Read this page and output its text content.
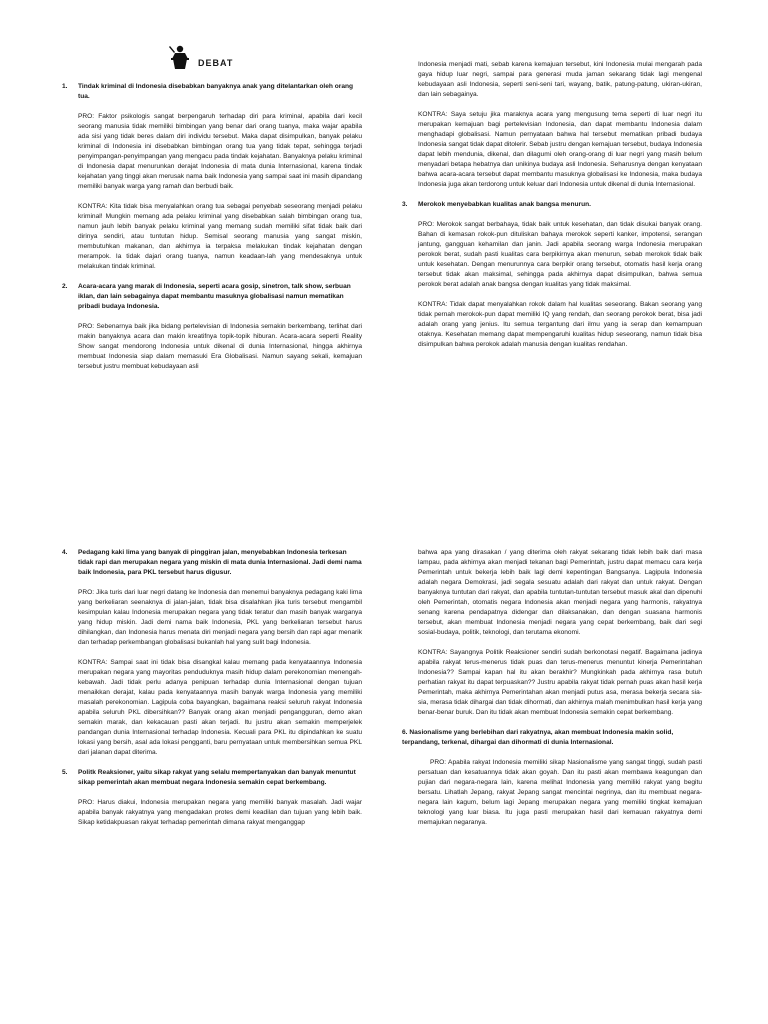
DEBAT
1. Tindak kriminal di Indonesia disebabkan banyaknya anak yang ditelantarkan oleh orang tua.

PRO: Faktor psikologis sangat berpengaruh terhadap diri para kriminal, apabila dari kecil seorang manusia tidak memiliki bimbingan yang benar dari orang tuanya, maka wajar apabila ada sisi yang tidak beres dalam diri individu tersebut. Maka dapat disimpulkan, banyak pelaku kriminal di Indonesia ini disebabkan bimbingan orang tua yang tidak tepat, sehingga terjadi penyimpangan-penyimpangan yang mengacu pada tindak kejahatan. Banyaknya pelaku kriminal di Indonesia dapat menurunkan derajat Indonesia di mata dunia Internasional, karena tindak kejahatan yang tinggi akan merusak nama baik Indonesia yang sampai saat ini masih dipandang memiliki banyak warga yang ramah dan berbudi baik.

KONTRA: Kita tidak bisa menyalahkan orang tua sebagai penyebab seseorang menjadi pelaku kriminal! Mungkin memang ada pelaku kriminal yang disebabkan salah bimbingan orang tua, namun jauh lebih banyak pelaku kriminal yang memang sudah memiliki sifat tidak baik dari dirinya sendiri, atau tuntutan hidup. Semisal seorang manusia yang sangat miskin, membutuhkan makanan, dan akhirnya ia terpaksa melakukan tindak kejahatan dengan merampok. Ia tidak dajari orang tuanya, namun keadaan-lah yang mendesaknya untuk melakukan tindak kriminal.

2. Acara-acara yang marak di Indonesia, seperti acara gosip, sinetron, talk show, serbuan iklan, dan lain sebagainya dapat membantu masuknya globalisasi namun mematikan pribadi budaya Indonesia.

PRO: Sebenarnya baik jika bidang pertelevisian di Indonesia semakin berkembang, terlihat dari makin banyaknya acara dan makin kreatifnya topik-topik hiburan. Acara-acara seperti Reality Show sangat mendorong Indonesia untuk dikenal di dunia Internasional, hingga akhirnya membuat Indonesia siap dalam memasuki Era Globalisasi. Namun sayang sekali, kemajuan tersebut justru membuat kebudayaan asli

Indonesia menjadi mati, sebab karena kemajuan tersebut, kini Indonesia mulai mengarah pada gaya hidup luar negri, sampai para generasi muda jaman sekarang tidak lagi mengenal kebudayaan asli Indonesia, seperti seni-seni tari, wayang, batik, patung-patung, ukiran-ukiran, dan lain sebagainya.

KONTRA: Saya setuju jika maraknya acara yang mengusung tema seperti di luar negri itu merupakan kemajuan bagi pertelevisian Indonesia, dan dapat membantu Indonesia dalam menghadapi globalisasi. Namun pernyataan bahwa hal tersebut mematikan pribadi budaya Indonesia sangat tidak dapat ditolerir. Sebab justru dengan kemajuan tersebut, budaya Indonesia dapat lebih mendunia, dikenal, dan dilagumi oleh orang-orang di luar negri yang masih belum menyadari betapa hebatnya dan unikinya budaya asli Indonesia. Seharusnya dengan kenyataan bahwa acara-acara tersebut dapat membantu masuknya globalisasi ke Indonesia, maka budaya Indonesia juga akan terdorong untuk keluar dari Indonesia untuk dikenal di dunia Internasional.

3. Merokok menyebabkan kualitas anak bangsa menurun.

PRO: Merokok sangat berbahaya, tidak baik untuk kesehatan, dan tidak disukai banyak orang. Bahan di kemasan rokok-pun dituliskan bahaya merokok seperti kanker, impotensi, serangan jantung, gangguan kehamilan dan janin. Jadi apabila seorang warga Indonesia merupakan perokok berat, sudah pasti kualitas cara berpikirnya akan menurun, sebab merokok tidak baik untuk kesehatan. Dengan menurunnya cara berpikir orang tersebut, otomatis hasil kerja orang tersebut tidak akan maksimal, sehingga pada akhirnya dapat disimpulkan, bahwa semua perokok berat adalah anak bangsa dengan kualitas yang tidak maksimal.

KONTRA: Tidak dapat menyalahkan rokok dalam hal kualitas seseorang. Bakan seorang yang tidak pernah merokok-pun dapat memiliki IQ yang rendah, dan seorang perokok berat, bisa jadi adalah orang yang jenius. Itu semua tergantung dari ilmu yang ia serap dan kemampuan otaknya. Kesehatan memang dapat mempengaruhi kualitas hidup seseorang, namun tidak bisa disimpulkan bahwa perokok adalah manusia dengan kualitas rendahan.

4. Pedagang kaki lima yang banyak di pinggiran jalan, menyebabkan Indonesia terkesan tidak rapi dan merupakan negara yang miskin di mata dunia Internasional. Jadi demi nama baik Indonesia, para PKL tersebut harus digusur.

PRO: Jika turis dari luar negri datang ke Indonesia dan menemui banyaknya pedagang kaki lima yang berkeliaran seenaknya di jalan-jalan, tidak bisa disalahkan jika turis tersebut mengambil kesimpulan kalau Indonesia merupakan negara yang tidak teratur dan masih banyak warganya yang hidup miskin. Jadi demi nama baik Indonesia, PKL yang berkeliaran tersebut harus dihilangkan, dan Indonesia harus menata diri menjadi negara yang bersih dan rapi agar menarik dan terhadap perkembangan globalisasi bukanlah hal yang sulit bagi Indonesia.

KONTRA: Sampai saat ini tidak bisa disangkal kalau memang pada kenyataannya Indonesia merupakan negara yang mayoritas penduduknya masih hidup dalam perekonomian menengah-kebawah. Jadi tidak perlu adanya penipuan terhadap dunia Internasional dengan tujuan menaikkan derajat, kalau pada kenyataannya masih banyak warga Indonesia yang memiliki masalah perekonomian. Lagipula coba bayangkan, bagaimana reaksi seluruh rakyat Indonesia apabila seluruh PKL dibersihkan?? Banyak orang akan menjadi pengangguran, demo akan semakin marak, dan kekacauan pasti akan terjadi. Itu justru akan semakin memperjelek pandangan dunia Internasional terhadap Indonesia. Kecuali para PKL itu dipindahkan ke suatu lokasi yang bersih, asal ada lokasi pengganti, baru pernyataan untuk membersihkan semua PKL dari jalanan dapat diterima.

5. Politk Reaksioner, yaitu sikap rakyat yang selalu mempertanyakan dan banyak menuntut sikap pemerintah akan membuat negara Indonesia semakin cepat berkembang.

PRO: Harus diakui, Indonesia merupakan negara yang memiliki banyak masalah. Jadi wajar apabila banyak rakyatnya yang mengadakan protes demi keadilan dan tujuan yang lebih baik. Sikap ketidakpuasan rakyat terhadap pemerintah dimana rakyat menganggap

bahwa apa yang dirasakan / yang diterima oleh rakyat sekarang tidak lebih baik dari masa lampau, pada akhirnya akan menjadi tekanan bagi Pemerintah, justru dapat memacu cara kerja Pemerintah untuk bekerja lebih baik lagi demi kepentingan Bangsanya. Lagipula Indonesia adalah negara Demokrasi, jadi segala sesuatu adalah dari rakyat dan untuk rakyat. Dengan banyaknya tuntutan dari rakyat, dan apabila tuntutan-tuntutan tersebut masuk akal dan dipenuhi oleh Pemerintah, otomatis negara Indonesia akan menjadi negara yang harmonis, rakyatnya senang karena pendapatnya didengar dan dilaksanakan, dan dengan suasana harmonis tersebut, akan membuat Indonesia menjadi negara yang cepat berkembang, baik dari segi sosial-budaya, politik, teknologi, dan terutama ekonomi.

KONTRA: Sayangnya Politik Reaksioner sendiri sudah berkonotasi negatif. Bagaimana jadinya apabila rakyat terus-menerus tidak puas dan terus-menerus menuntut kinerja Pemerintahan Indonesia?? Sampai kapan hal itu akan berakhir? Mungkinkah pada akhirnya rasa butuh perhatian rakyat itu dapat terpuaskan?? Justru apabila rakyat tidak pernah puas akan hasil kerja Pemerintah, maka akhirnya Pemerintahan akan menjadi putus asa, merasa bekerja secara sia-sia, merasa tidak dihargai dan tidak dihormati, dan akhirnya malah menimbulkan hasil kerja yang benar-benar buruk. Dan itu tidak akan membuat Indonesia semakin cepat berkembang.

6. Nasionalisme yang berlebihan dari rakyatnya, akan membuat Indonesia makin solid, terpandang, terkenal, dihargai dan dihormati di dunia Internasional.

PRO: Apabila rakyat Indonesia memiliki sikap Nasionalisme yang sangat tinggi, sudah pasti persatuan dan kesatuannya tidak akan goyah. Dan itu pasti akan membawa keagungan dan pujian dari negara-negara lain, karena melihat Indonesia yang memiliki rakyat yang begitu bersatu. Lihatlah Jepang, rakyat Jepang sangat mencintai negrinya, dan itu membuat negara-negara lain kagum, belum lagi Jepang merupakan negara yang memiliki tingkat kemajuan teknologi yang luar biasa. Itu juga pasti merupakan hasil dari kemauan rakyatnya demi memajukan negaranya.
